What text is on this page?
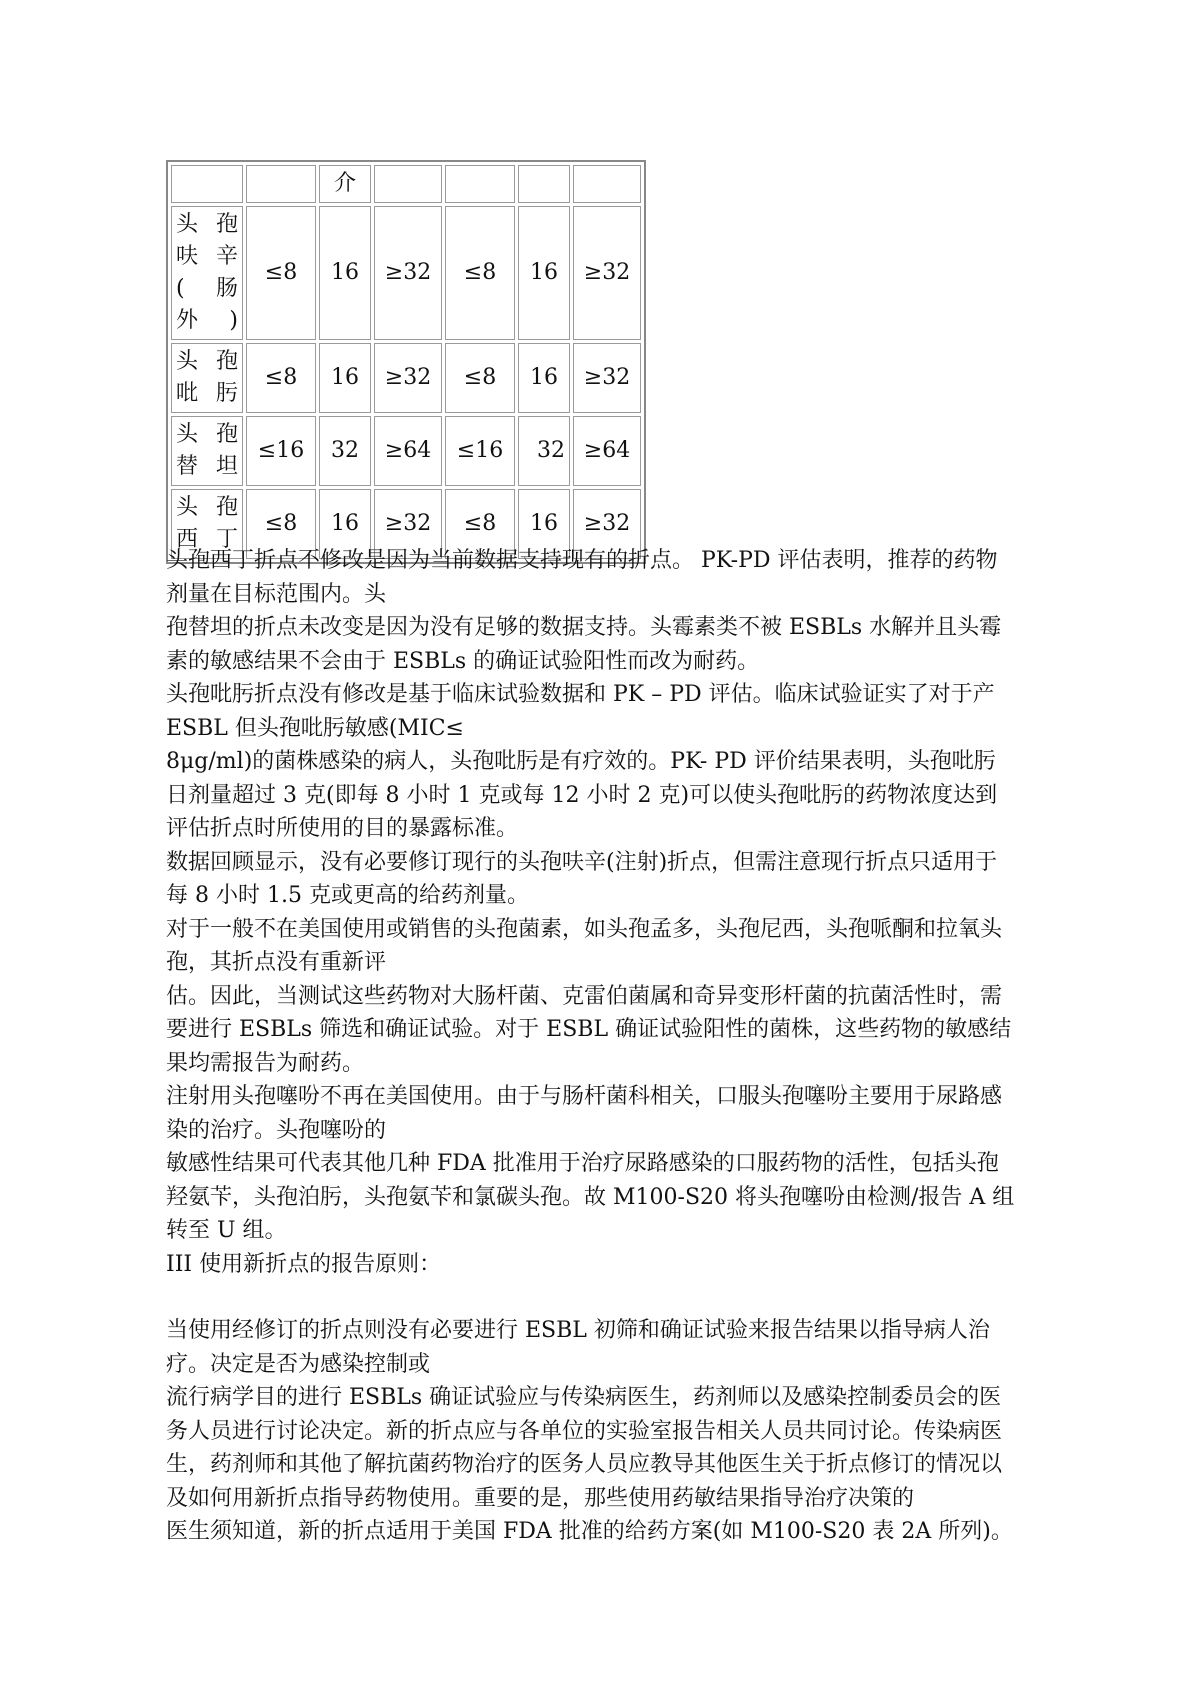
		介				
头 孢 呋 辛 ( 肠 外)	≤8	16	≥32	≤8	16	≥32
头 孢 吡肟	≤8	16	≥32	≤8	16	≥32
头 孢 替坦	≤16	32	≥64	≤16	32	≥64
头 孢 西丁	≤8	16	≥32	≤8	16	≥32

头孢西丁折点不修改是因为当前数据支持现有的折点。 PK-PD 评估表明，推荐的药物剂量在目标范围内。头

孢替坦的折点未改变是因为没有足够的数据支持。头霉素类不被 ESBLs 水解并且头霉素的敏感结果不会由于 ESBLs 的确证试验阳性而改为耐药。

头孢吡肟折点没有修改是基于临床试验数据和 PK – PD 评估。临床试验证实了对于产 ESBL 但头孢吡肟敏感(MIC≤

8μg/ml)的菌株感染的病人，头孢吡肟是有疗效的。PK- PD 评价结果表明，头孢吡肟日剂量超过 3 克(即每 8 小时 1 克或每 12 小时 2 克)可以使头孢吡肟的药物浓度达到评估折点时所使用的目的暴露标准。

数据回顾显示，没有必要修订现行的头孢呋辛(注射)折点，但需注意现行折点只适用于每 8 小时 1.5 克或更高的给药剂量。

对于一般不在美国使用或销售的头孢菌素，如头孢孟多，头孢尼西，头孢哌酮和拉氧头孢，其折点没有重新评

估。因此，当测试这些药物对大肠杆菌、克雷伯菌属和奇异变形杆菌的抗菌活性时，需要进行 ESBLs 筛选和确证试验。对于 ESBL 确证试验阳性的菌株，这些药物的敏感结果均需报告为耐药。

注射用头孢噻吩不再在美国使用。由于与肠杆菌科相关，口服头孢噻吩主要用于尿路感染的治疗。头孢噻吩的

敏感性结果可代表其他几种 FDA 批准用于治疗尿路感染的口服药物的活性，包括头孢羟氨苄，头孢泊肟，头孢氨苄和氯碳头孢。故 M100-S20 将头孢噻吩由检测/报告 A 组转至 U 组。

III 使用新折点的报告原则：

当使用经修订的折点则没有必要进行 ESBL 初筛和确证试验来报告结果以指导病人治疗。决定是否为感染控制或

流行病学目的进行 ESBLs 确证试验应与传染病医生，药剂师以及感染控制委员会的医务人员进行讨论决定。新的折点应与各单位的实验室报告相关人员共同讨论。传染病医生，药剂师和其他了解抗菌药物治疗的医务人员应教导其他医生关于折点修订的情况以及如何用新折点指导药物使用。重要的是，那些使用药敏结果指导治疗决策的

医生须知道，新的折点适用于美国 FDA 批准的给药方案(如 M100-S20 表 2A 所列)。
